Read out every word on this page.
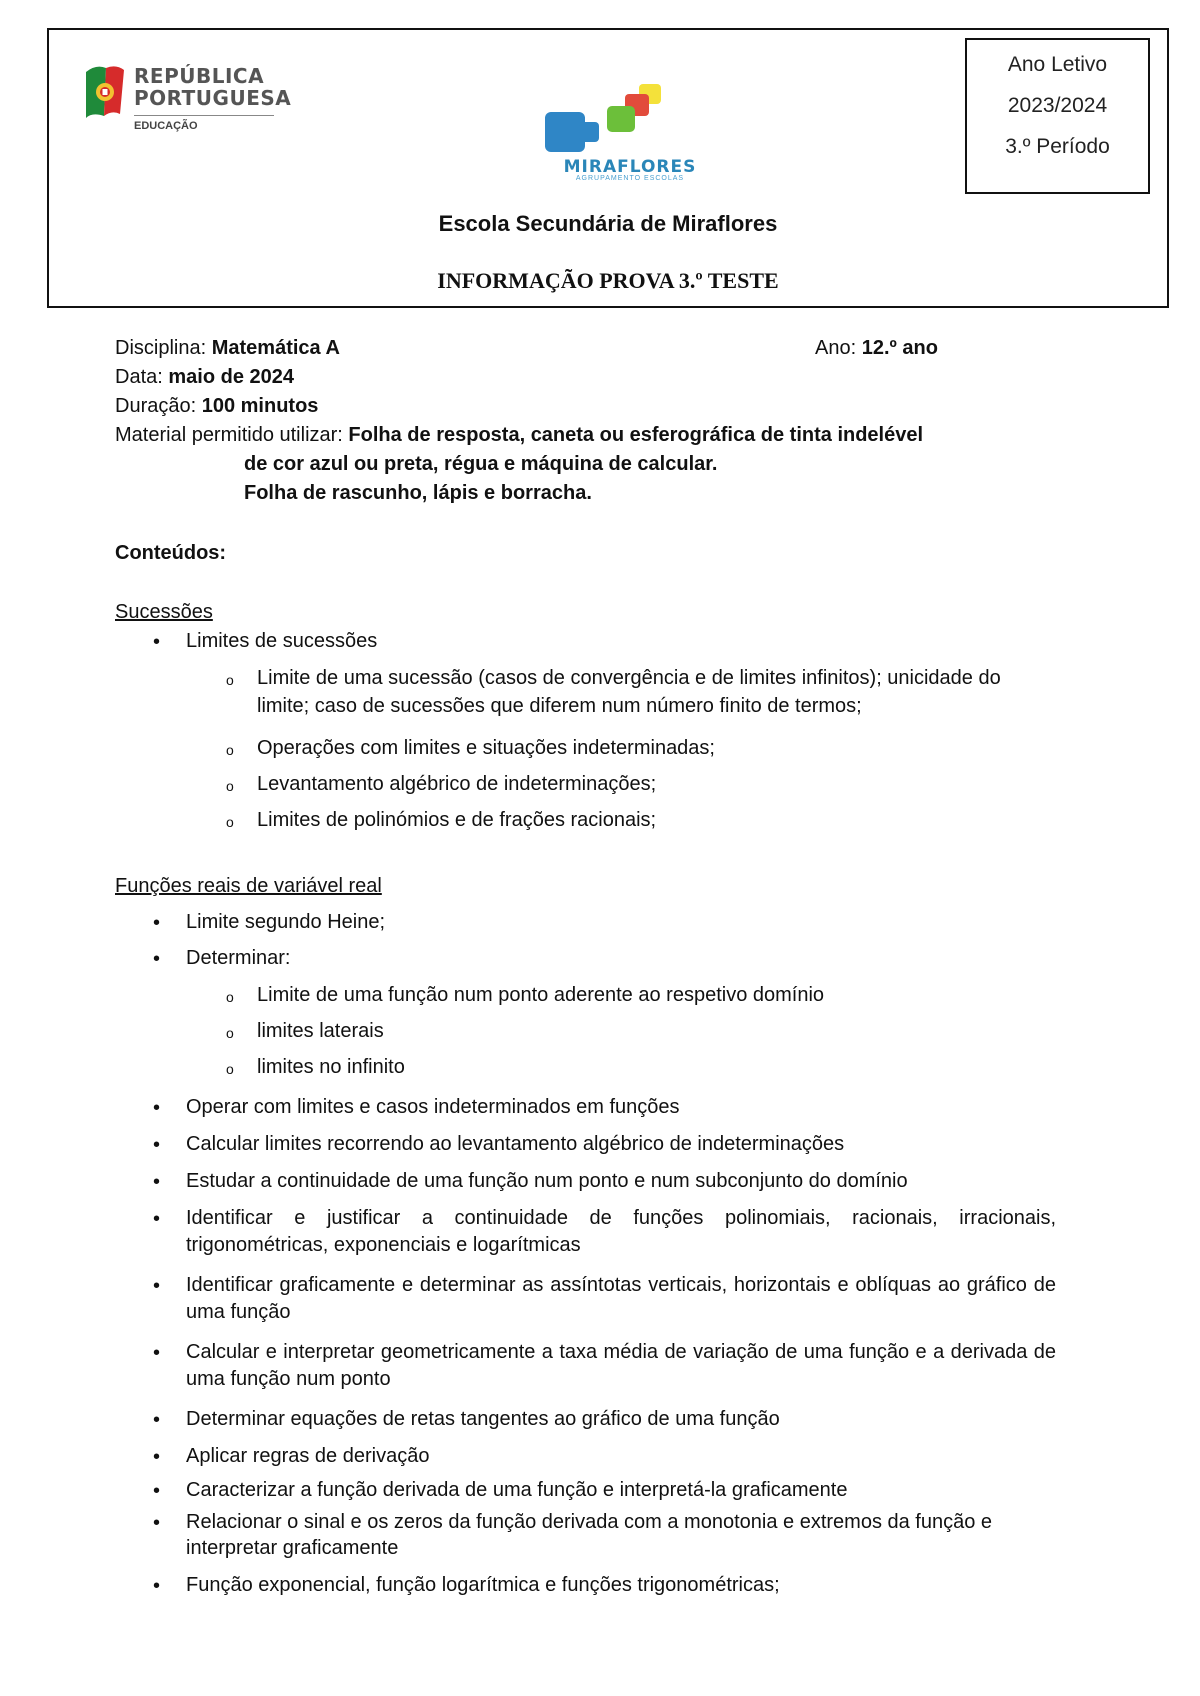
REPÚBLICA
PORTUGUESA
EDUCAÇÃO
MIRAFLORES
AGRUPAMENTO ESCOLAS
Ano Letivo
2023/2024
3.º Período
Escola Secundária de Miraflores
INFORMAÇÃO PROVA 3.º TESTE
Disciplina: Matemática A	Ano: 12.º ano
Data: maio de 2024
Duração: 100 minutos
Material permitido utilizar: Folha de resposta, caneta ou esferográfica de tinta indelével
de cor azul ou preta, régua e máquina de calcular.
Folha de rascunho, lápis e borracha.
Conteúdos:
Sucessões
• Limites de sucessões
o Limite de uma sucessão (casos de convergência e de limites infinitos); unicidade do limite; caso de sucessões que diferem num número finito de termos;
o Operações com limites e situações indeterminadas;
o Levantamento algébrico de indeterminações;
o Limites de polinómios e de frações racionais;
Funções reais de variável real
• Limite segundo Heine;
• Determinar:
o Limite de uma função num ponto aderente ao respetivo domínio
o limites laterais
o limites no infinito
• Operar com limites e casos indeterminados em funções
• Calcular limites recorrendo ao levantamento algébrico de indeterminações
• Estudar a continuidade de uma função num ponto e num subconjunto do domínio
• Identificar e justificar a continuidade de funções polinomiais, racionais, irracionais, trigonométricas, exponenciais e logarítmicas
• Identificar graficamente e determinar as assíntotas verticais, horizontais e oblíquas ao gráfico de uma função
• Calcular e interpretar geometricamente a taxa média de variação de uma função e a derivada de uma função num ponto
• Determinar equações de retas tangentes ao gráfico de uma função
• Aplicar regras de derivação
• Caracterizar a função derivada de uma função e interpretá-la graficamente
• Relacionar o sinal e os zeros da função derivada com a monotonia e extremos da função e interpretar graficamente
• Função exponencial, função logarítmica e funções trigonométricas;
